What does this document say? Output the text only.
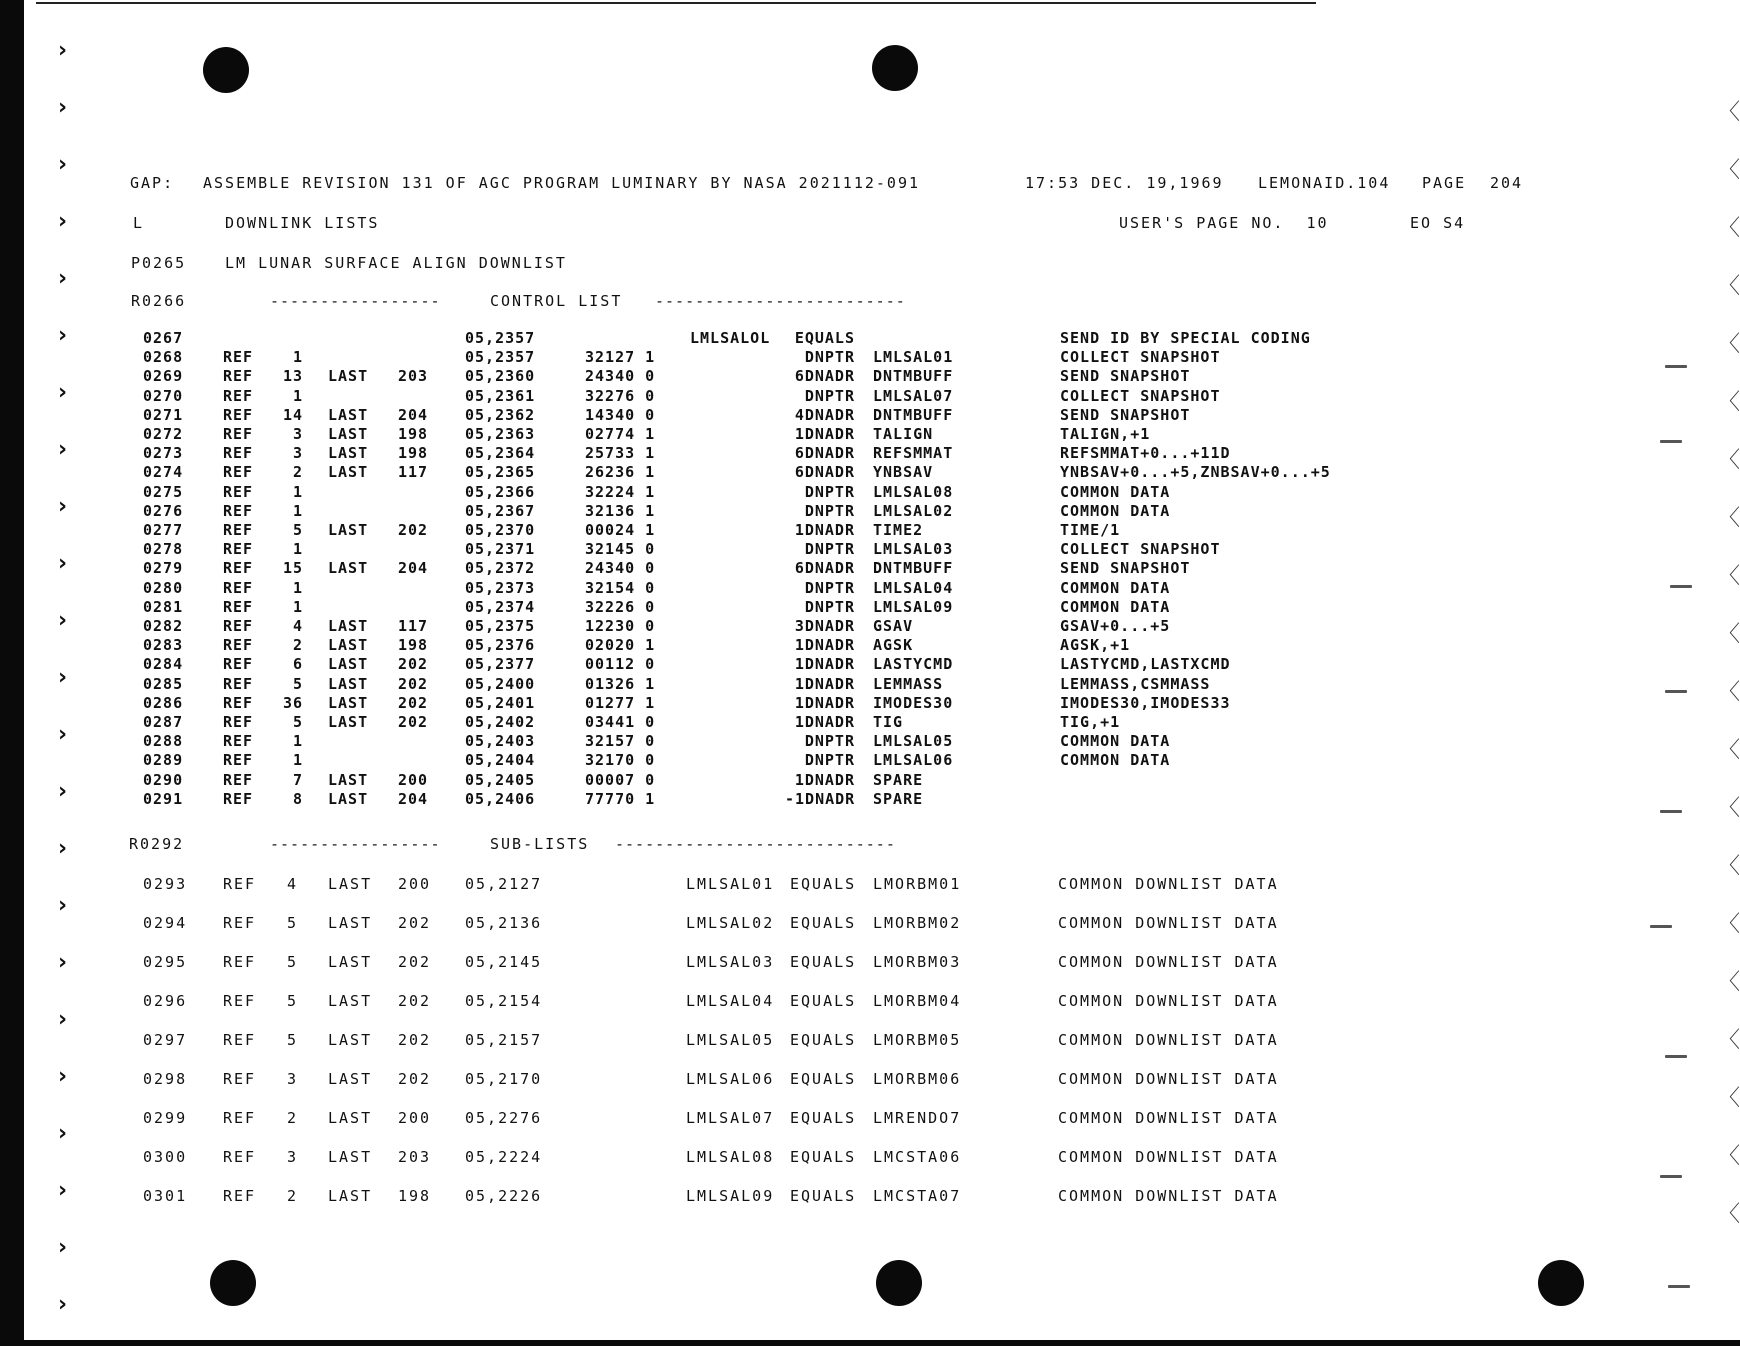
›
›
›
›
›
›
›
›
›
›
›
›
›
›
›
›
›
›
›
›
›
›
›
〈
〈
〈
〈
〈
〈
〈
〈
〈
〈
〈
〈
〈
〈
〈
〈
〈
〈
〈
〈
GAP: ASSEMBLE REVISION 131 OF AGC PROGRAM LUMINARY BY NASA 2021112-091	17:53 DEC. 19,1969 LEMONAID.104 PAGE 204
L	DOWNLINK LISTS	USER'S PAGE NO.  10	EO S4
P0265	LM LUNAR SURFACE ALIGN DOWNLIST
R0266	-----------------	CONTROL LIST -------------------------
0267	05,2357	LMLSALOL	EQUALS	SEND ID BY SPECIAL CODING
0268	REF	1	05,2357	32127 1	DNPTR LMLSAL01	COLLECT SNAPSHOT
0269	REF	13 LAST 203 05,2360	24340 0	6DNADR DNTMBUFF	SEND SNAPSHOT
0270	REF	1	05,2361	32276 0	DNPTR LMLSAL07	COLLECT SNAPSHOT
0271	REF	14 LAST 204 05,2362	14340 0	4DNADR DNTMBUFF	SEND SNAPSHOT
0272	REF	3 LAST 198 05,2363	02774 1	1DNADR TALIGN	TALIGN,+1
0273	REF	3 LAST 198 05,2364	25733 1	6DNADR REFSMMAT	REFSMMAT+0...+11D
0274	REF	2 LAST 117 05,2365	26236 1	6DNADR YNBSAV	YNBSAV+0...+5,ZNBSAV+0...+5
0275	REF	1	05,2366	32224 1	DNPTR LMLSAL08	COMMON DATA
0276	REF	1	05,2367	32136 1	DNPTR LMLSAL02	COMMON DATA
0277	REF	5 LAST 202 05,2370	00024 1	1DNADR TIME2	TIME/1
0278	REF	1	05,2371	32145 0	DNPTR LMLSAL03	COLLECT SNAPSHOT
0279	REF	15 LAST 204 05,2372	24340 0	6DNADR DNTMBUFF	SEND SNAPSHOT
0280	REF	1	05,2373	32154 0	DNPTR LMLSAL04	COMMON DATA
0281	REF	1	05,2374	32226 0	DNPTR LMLSAL09	COMMON DATA
0282	REF	4 LAST 117 05,2375	12230 0	3DNADR GSAV	GSAV+0...+5
0283	REF	2 LAST 198 05,2376	02020 1	1DNADR AGSK	AGSK,+1
0284	REF	6 LAST 202 05,2377	00112 0	1DNADR LASTYCMD	LASTYCMD,LASTXCMD
0285	REF	5 LAST 202 05,2400	01326 1	1DNADR LEMMASS	LEMMASS,CSMMASS
0286	REF	36 LAST 202 05,2401	01277 1	1DNADR IMODES30	IMODES30,IMODES33
0287	REF	5 LAST 202 05,2402	03441 0	1DNADR TIG	TIG,+1
0288	REF	1	05,2403	32157 0	DNPTR LMLSAL05	COMMON DATA
0289	REF	1	05,2404	32170 0	DNPTR LMLSAL06	COMMON DATA
0290	REF	7 LAST 200 05,2405	00007 0	1DNADR SPARE
0291	REF	8 LAST 204 05,2406	77770 1	-1DNADR SPARE
R0292	-----------------	SUB-LISTS ----------------------------
0293 REF 4 LAST 200 05,2127	LMLSAL01 EQUALS LMORBM01	COMMON DOWNLIST DATA
0294 REF 5 LAST 202 05,2136	LMLSAL02 EQUALS LMORBM02	COMMON DOWNLIST DATA
0295 REF 5 LAST 202 05,2145	LMLSAL03 EQUALS LMORBM03	COMMON DOWNLIST DATA
0296 REF 5 LAST 202 05,2154	LMLSAL04 EQUALS LMORBM04	COMMON DOWNLIST DATA
0297 REF 5 LAST 202 05,2157	LMLSAL05 EQUALS LMORBM05	COMMON DOWNLIST DATA
0298 REF 3 LAST 202 05,2170	LMLSAL06 EQUALS LMORBM06	COMMON DOWNLIST DATA
0299 REF 2 LAST 200 05,2276	LMLSAL07 EQUALS LMRENDO7	COMMON DOWNLIST DATA
0300 REF 3 LAST 203 05,2224	LMLSAL08 EQUALS LMCSTA06	COMMON DOWNLIST DATA
0301 REF 2 LAST 198 05,2226	LMLSAL09 EQUALS LMCSTA07	COMMON DOWNLIST DATA
